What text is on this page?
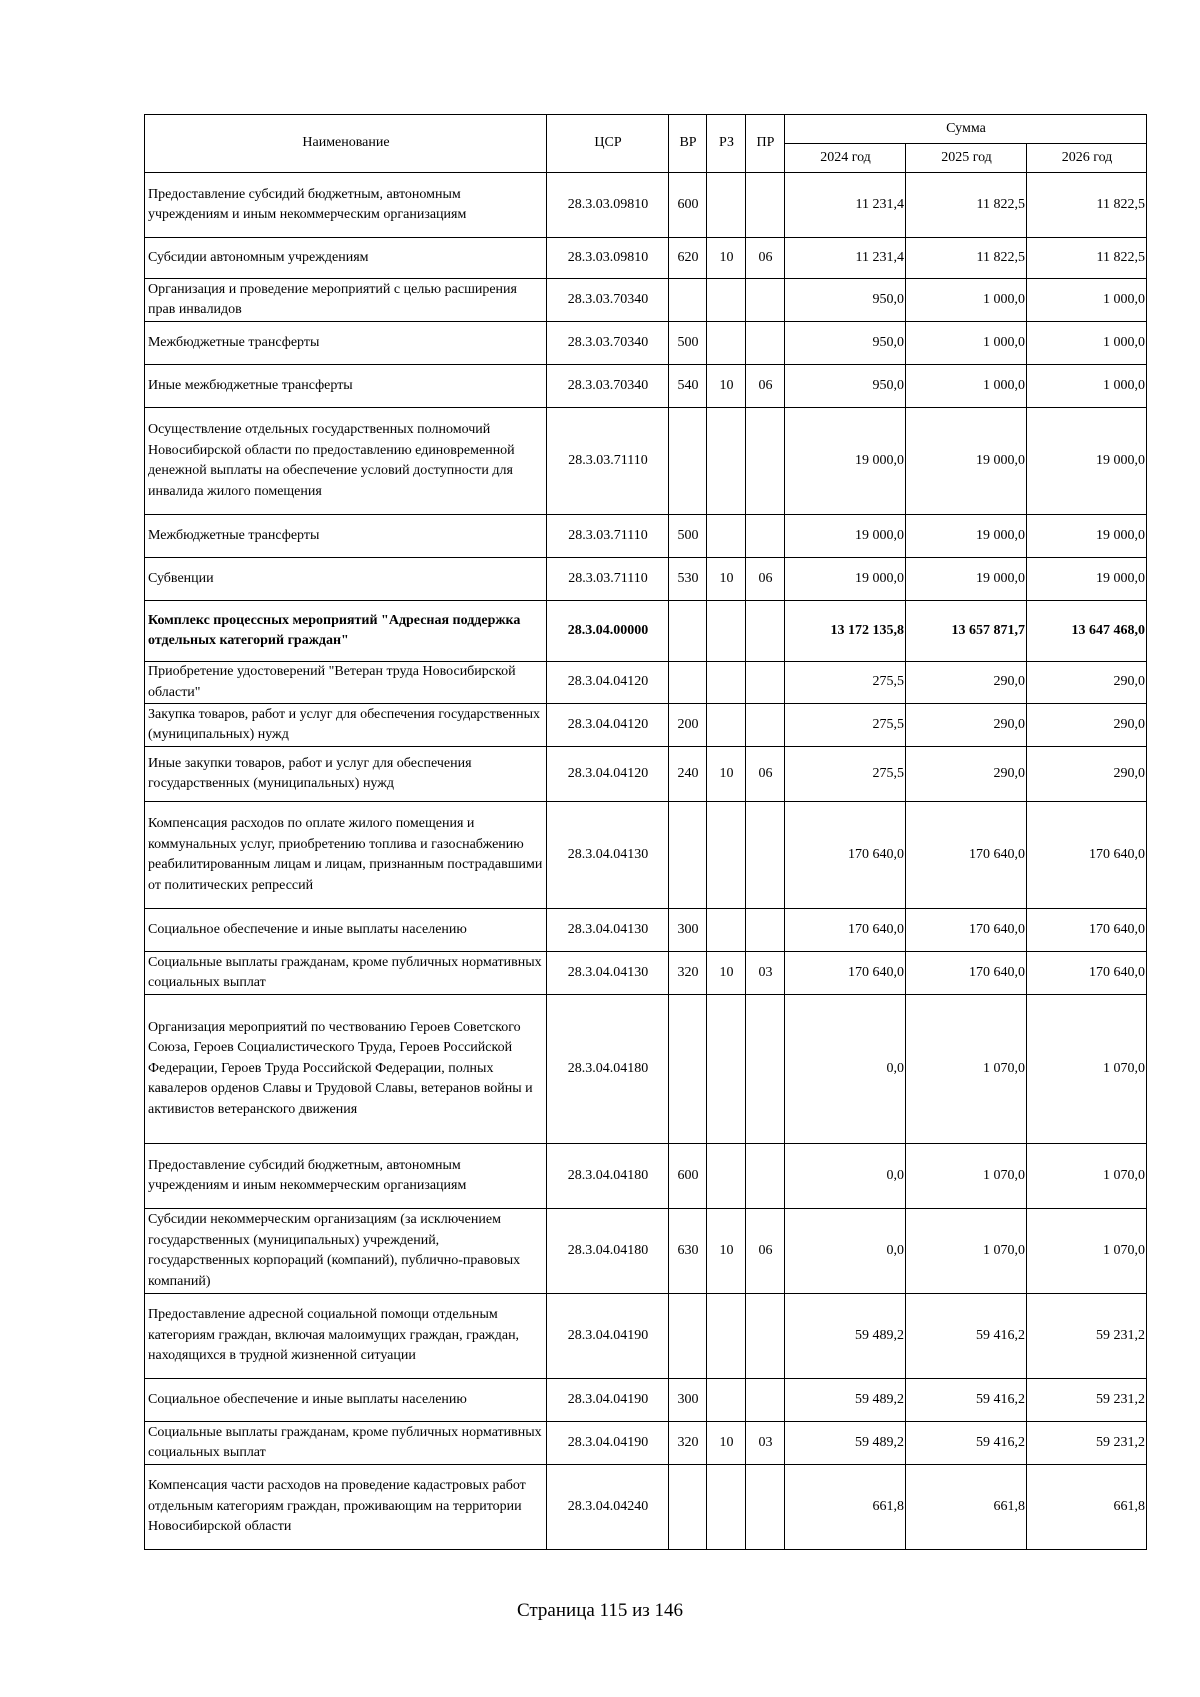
Наименование	ЦСР	ВР	РЗ	ПР	Сумма		
					2024 год	2025 год	2026 год
Предоставление субсидий бюджетным, автономным учреждениям и иным некоммерческим организациям	28.3.03.09810	600			11 231,4	11 822,5	11 822,5
Субсидии автономным учреждениям	28.3.03.09810	620	10	06	11 231,4	11 822,5	11 822,5
Организация и проведение мероприятий с целью расширения прав инвалидов	28.3.03.70340				950,0	1 000,0	1 000,0
Межбюджетные трансферты	28.3.03.70340	500			950,0	1 000,0	1 000,0
Иные межбюджетные трансферты	28.3.03.70340	540	10	06	950,0	1 000,0	1 000,0
Осуществление отдельных государственных полномочий Новосибирской области по предоставлению единовременной денежной выплаты на обеспечение условий доступности для инвалида жилого помещения	28.3.03.71110				19 000,0	19 000,0	19 000,0
Межбюджетные трансферты	28.3.03.71110	500			19 000,0	19 000,0	19 000,0
Субвенции	28.3.03.71110	530	10	06	19 000,0	19 000,0	19 000,0
Комплекс процессных мероприятий "Адресная поддержка отдельных категорий граждан"	28.3.04.00000				13 172 135,8	13 657 871,7	13 647 468,0
Приобретение удостоверений "Ветеран труда Новосибирской области"	28.3.04.04120				275,5	290,0	290,0
Закупка товаров, работ и услуг для обеспечения государственных (муниципальных) нужд	28.3.04.04120	200			275,5	290,0	290,0
Иные закупки товаров, работ и услуг для обеспечения государственных (муниципальных) нужд	28.3.04.04120	240	10	06	275,5	290,0	290,0
Компенсация расходов по оплате жилого помещения и коммунальных услуг, приобретению топлива и газоснабжению реабилитированным лицам и лицам, признанным пострадавшими от политических репрессий	28.3.04.04130				170 640,0	170 640,0	170 640,0
Социальное обеспечение и иные выплаты населению	28.3.04.04130	300			170 640,0	170 640,0	170 640,0
Социальные выплаты гражданам, кроме публичных нормативных социальных выплат	28.3.04.04130	320	10	03	170 640,0	170 640,0	170 640,0
Организация мероприятий по чествованию Героев Советского Союза, Героев Социалистического Труда, Героев Российской Федерации, Героев Труда Российской Федерации, полных кавалеров орденов Славы и Трудовой Славы, ветеранов войны и активистов ветеранского движения	28.3.04.04180				0,0	1 070,0	1 070,0
Предоставление субсидий бюджетным, автономным учреждениям и иным некоммерческим организациям	28.3.04.04180	600			0,0	1 070,0	1 070,0
Субсидии некоммерческим организациям (за исключением государственных (муниципальных) учреждений, государственных корпораций (компаний), публично-правовых компаний)	28.3.04.04180	630	10	06	0,0	1 070,0	1 070,0
Предоставление адресной социальной помощи отдельным категориям граждан, включая малоимущих граждан, граждан, находящихся в трудной жизненной ситуации	28.3.04.04190				59 489,2	59 416,2	59 231,2
Социальное обеспечение и иные выплаты населению	28.3.04.04190	300			59 489,2	59 416,2	59 231,2
Социальные выплаты гражданам, кроме публичных нормативных социальных выплат	28.3.04.04190	320	10	03	59 489,2	59 416,2	59 231,2
Компенсация части расходов на проведение кадастровых работ отдельным категориям граждан, проживающим на территории Новосибирской области	28.3.04.04240				661,8	661,8	661,8
Страница 115 из 146
